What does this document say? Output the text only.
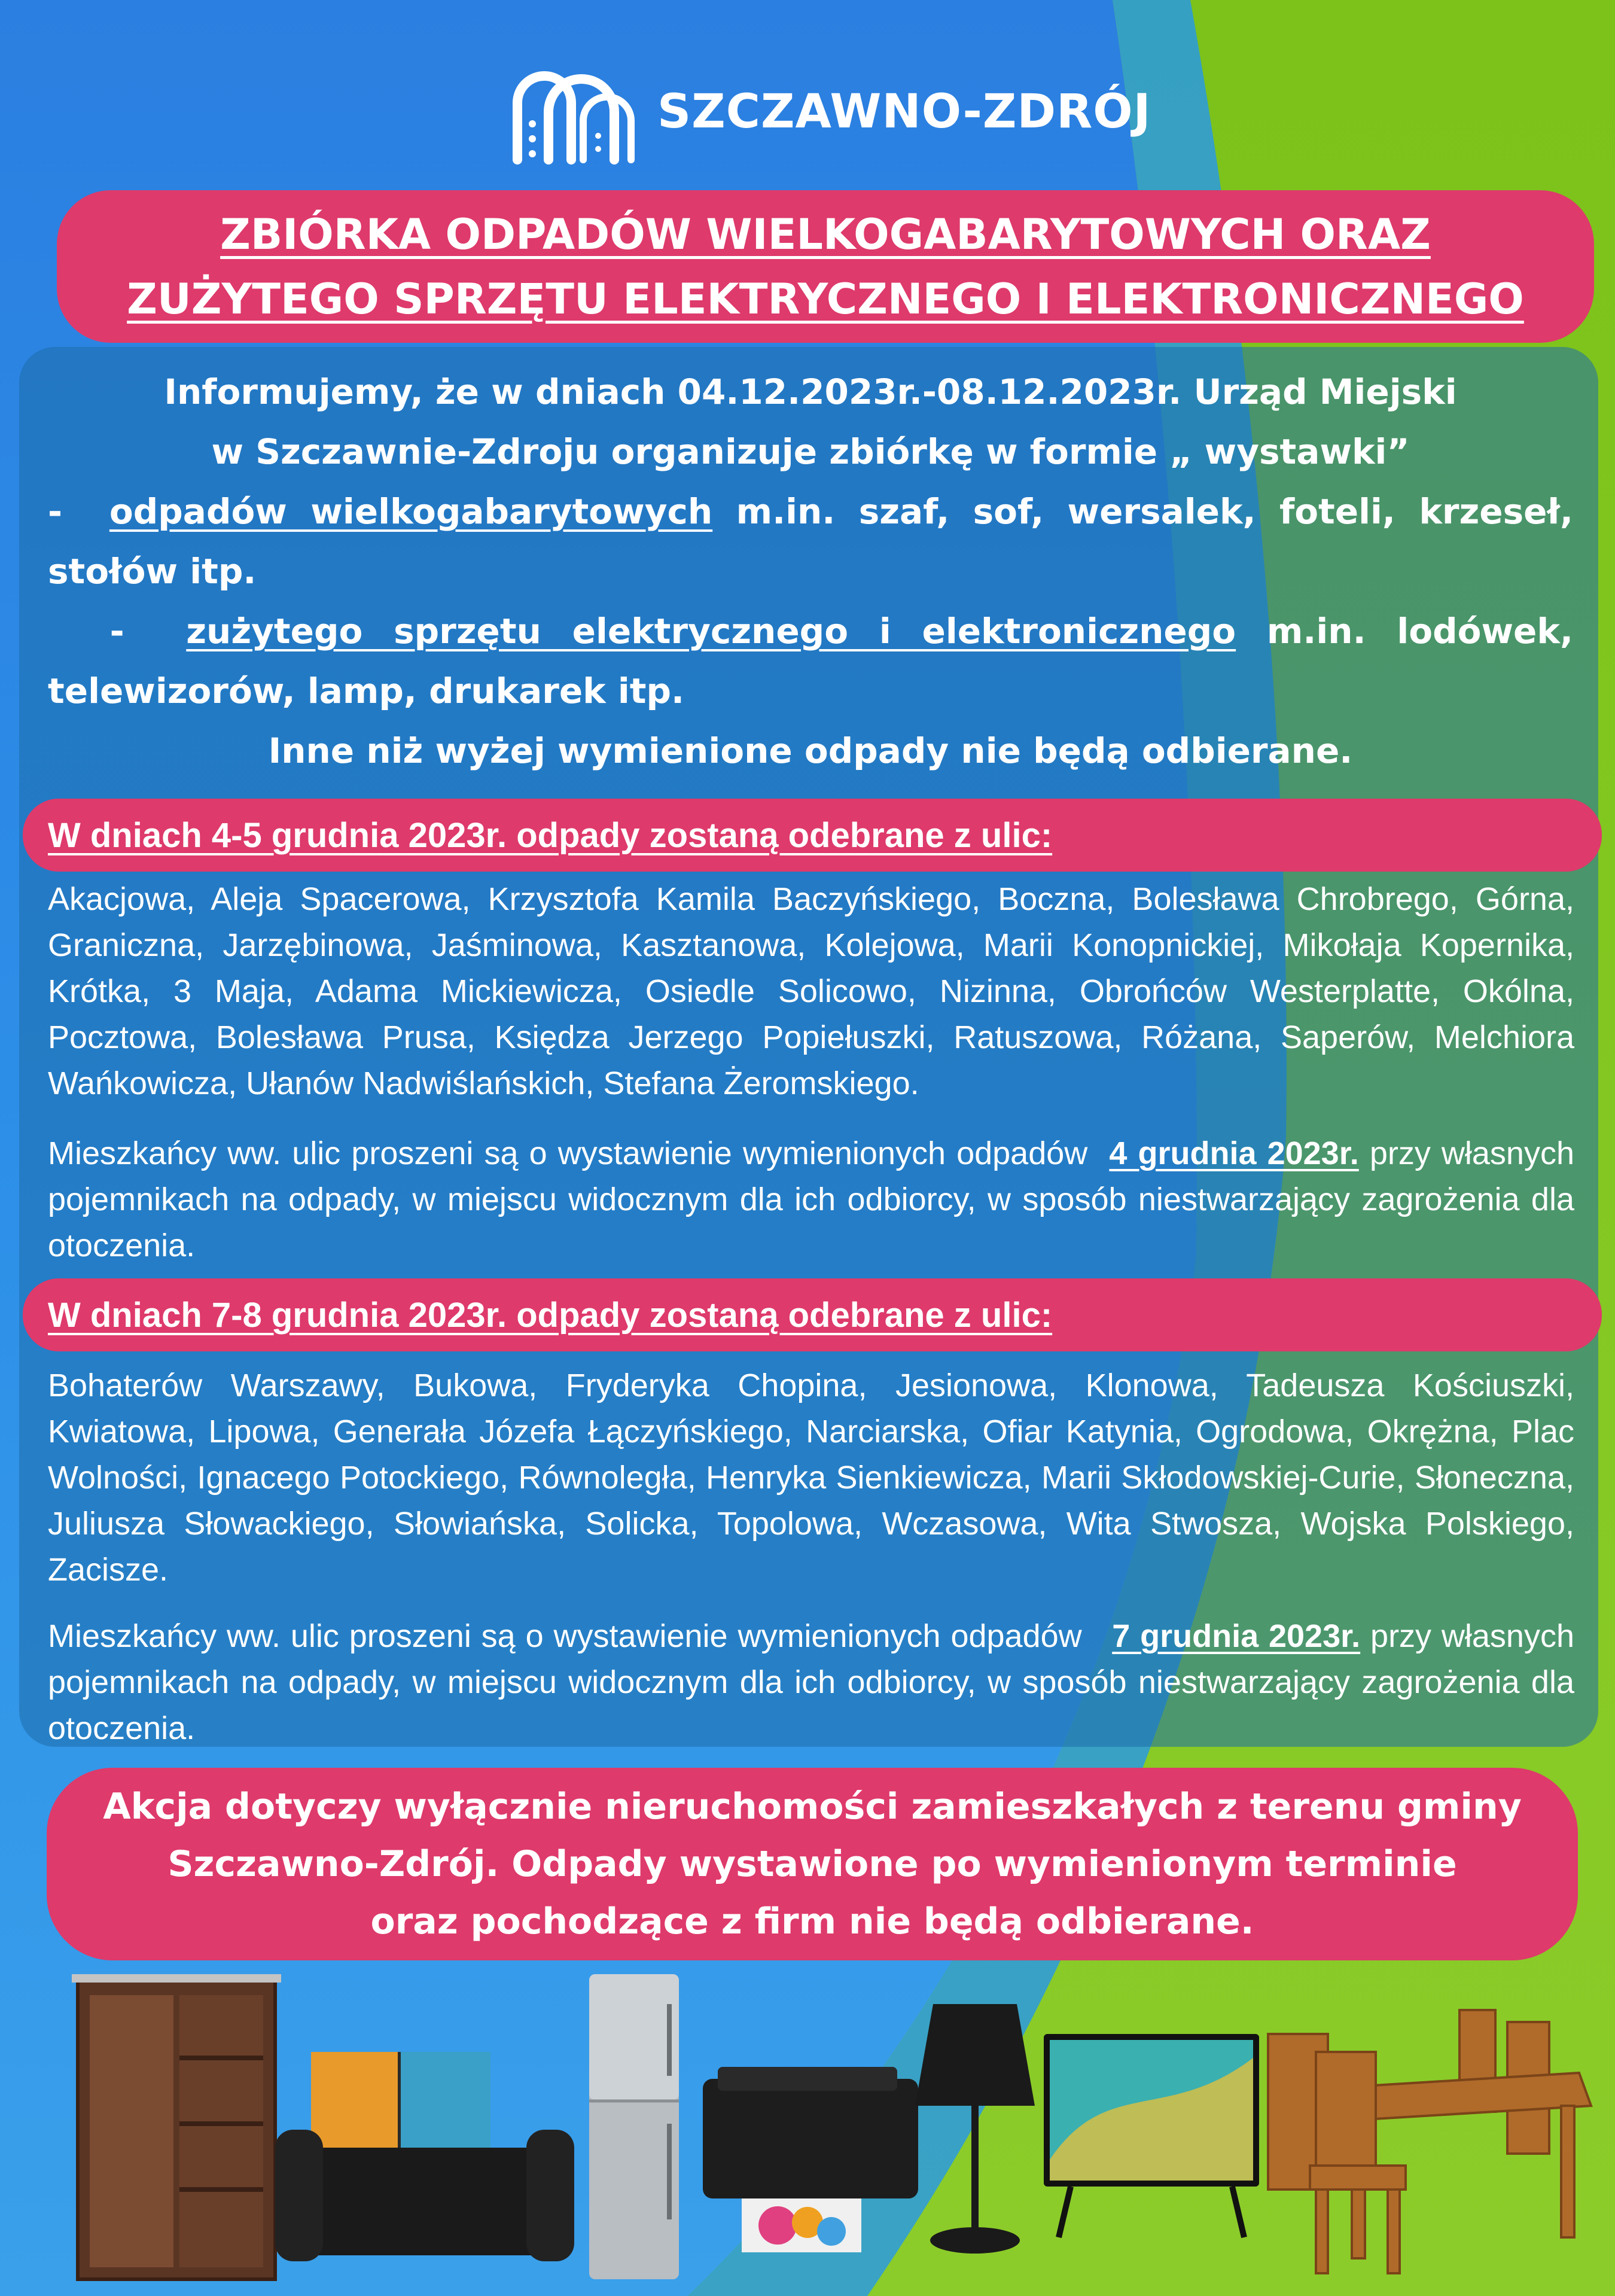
SZCZAWNO-ZDRÓJ
ZBIÓRKA ODPADÓW WIELKOGABARYTOWYCH ORAZ
ZUŻYTEGO SPRZĘTU ELEKTRYCZNEGO I ELEKTRONICZNEGO
Informujemy, że w dniach 04.12.2023r.-08.12.2023r. Urząd Miejski
w Szczawnie-Zdroju organizuje zbiórkę w formie „ wystawki”
- odpadów wielkogabarytowych m.in. szaf, sof, wersalek, foteli, krzeseł, stołów itp.
- zużytego sprzętu elektrycznego i elektronicznego m.in. lodówek, telewizorów, lamp, drukarek itp.
Inne niż wyżej wymienione odpady nie będą odbierane.
W dniach 4-5 grudnia 2023r. odpady zostaną odebrane z ulic:
Akacjowa, Aleja Spacerowa, Krzysztofa Kamila Baczyńskiego, Boczna, Bolesława Chrobrego, Górna, Graniczna, Jarzębinowa, Jaśminowa, Kasztanowa, Kolejowa, Marii Konopnickiej, Mikołaja Kopernika, Krótka, 3 Maja, Adama Mickiewicza, Osiedle Solicowo, Nizinna, Obrońców Westerplatte, Okólna, Pocztowa, Bolesława Prusa, Księdza Jerzego Popiełuszki, Ratuszowa, Różana, Saperów, Melchiora Wańkowicza, Ułanów Nadwiślańskich, Stefana Żeromskiego.
Mieszkańcy ww. ulic proszeni są o wystawienie wymienionych odpadów 4 grudnia 2023r. przy własnych pojemnikach na odpady, w miejscu widocznym dla ich odbiorcy, w sposób niestwarzający zagrożenia dla otoczenia.
W dniach 7-8 grudnia 2023r. odpady zostaną odebrane z ulic:
Bohaterów Warszawy, Bukowa, Fryderyka Chopina, Jesionowa, Klonowa, Tadeusza Kościuszki, Kwiatowa, Lipowa, Generała Józefa Łączyńskiego, Narciarska, Ofiar Katynia, Ogrodowa, Okrężna, Plac Wolności, Ignacego Potockiego, Równoległa, Henryka Sienkiewicza, Marii Skłodowskiej-Curie, Słoneczna, Juliusza Słowackiego, Słowiańska, Solicka, Topolowa, Wczasowa, Wita Stwosza, Wojska Polskiego, Zacisze.
Mieszkańcy ww. ulic proszeni są o wystawienie wymienionych odpadów 7 grudnia 2023r. przy własnych pojemnikach na odpady, w miejscu widocznym dla ich odbiorcy, w sposób niestwarzający zagrożenia dla otoczenia.
Akcja dotyczy wyłącznie nieruchomości zamieszkałych z terenu gminy
Szczawno-Zdrój. Odpady wystawione po wymienionym terminie
oraz pochodzące z firm nie będą odbierane.
